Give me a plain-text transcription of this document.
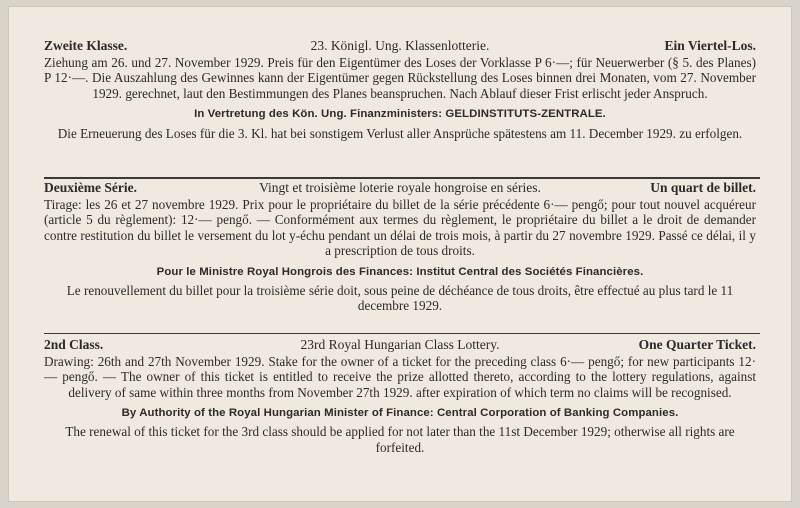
Zweite Klasse.	23. Königl. Ung. Klassenlotterie.	Ein Viertel-Los.
Ziehung am 26. und 27. November 1929. Preis für den Eigentümer des Loses der Vorklasse P 6·—; für Neuerwerber (§ 5. des Planes) P 12·—. Die Auszahlung des Gewinnes kann der Eigentümer gegen Rückstellung des Loses binnen drei Monaten, vom 27. November 1929. gerechnet, laut den Bestimmungen des Planes beanspruchen. Nach Ablauf dieser Frist erlischt jeder Anspruch.
In Vertretung des Kön. Ung. Finanzministers: GELDINSTITUTS-ZENTRALE.
Die Erneuerung des Loses für die 3. Kl. hat bei sonstigem Verlust aller Ansprüche spätestens am 11. December 1929. zu erfolgen.
Deuxième Série.	Vingt et troisième loterie royale hongroise en séries.	Un quart de billet.
Tirage: les 26 et 27 novembre 1929. Prix pour le propriétaire du billet de la série précédente 6·— pengő; pour tout nouvel acquéreur (article 5 du règlement): 12·— pengő. — Conformément aux termes du règlement, le propriétaire du billet a le droit de demander contre restitution du billet le versement du lot y-échu pendant un délai de trois mois, à partir du 27 novembre 1929. Passé ce délai, il y a prescription de tous droits.
Pour le Ministre Royal Hongrois des Finances: Institut Central des Sociétés Financières.
Le renouvellement du billet pour la troisième série doit, sous peine de déchéance de tous droits, être effectué au plus tard le 11 decembre 1929.
2nd Class.	23rd Royal Hungarian Class Lottery.	One Quarter Ticket.
Drawing: 26th and 27th November 1929. Stake for the owner of a ticket for the preceding class 6·— pengő; for new participants 12·— pengő. — The owner of this ticket is entitled to receive the prize allotted thereto, according to the lottery regulations, against delivery of same within three months from November 27th 1929. after expiration of which term no claims will be recognised.
By Authority of the Royal Hungarian Minister of Finance: Central Corporation of Banking Companies.
The renewal of this ticket for the 3rd class should be applied for not later than the 11st December 1929; otherwise all rights are forfeited.
